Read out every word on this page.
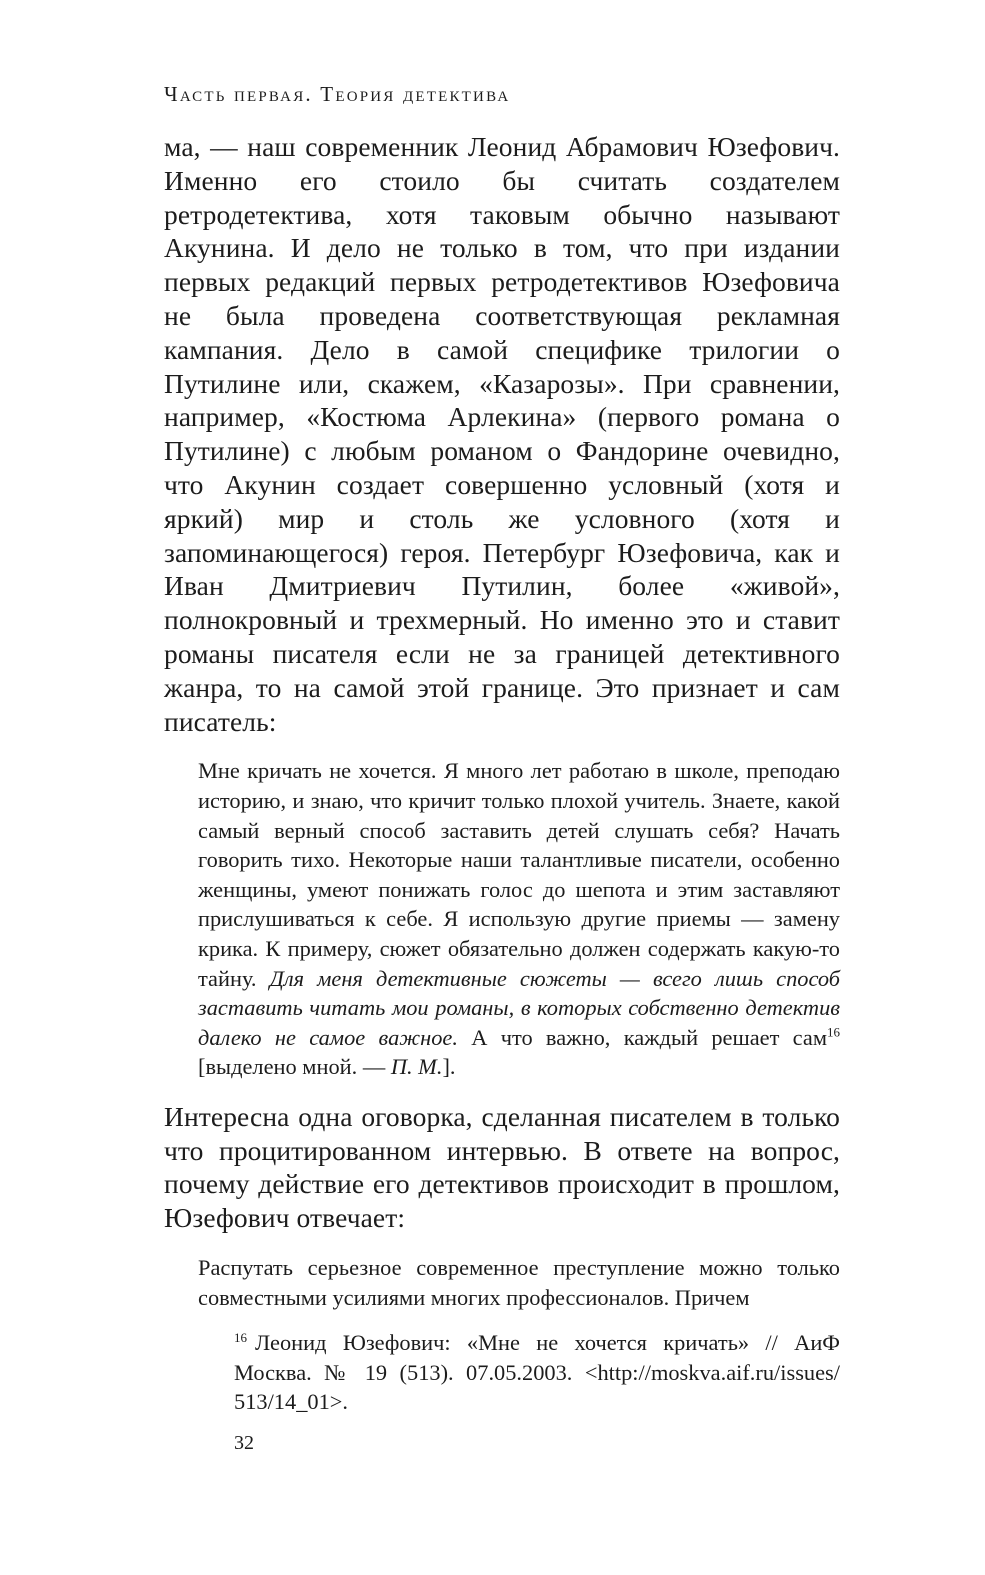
Часть первая. Теория детектива

ма, — наш современник Леонид Абрамович Юзефович. Именно его стоило бы считать создателем ретродетектива, хотя таковым обычно называют Акунина. И дело не только в том, что при издании первых редакций первых ретродетективов Юзефовича не была проведена соответствующая рекламная кампания. Дело в самой специфике трилогии о Путилине или, скажем, «Казарозы». При сравнении, например, «Костюма Арлекина» (первого романа о Путилине) с любым романом о Фандорине очевидно, что Акунин создает совершенно условный (хотя и яркий) мир и столь же условного (хотя и запоминающегося) героя. Петербург Юзефовича, как и Иван Дмитриевич Путилин, более «живой», полнокровный и трехмерный. Но именно это и ставит романы писателя если не за границей детективного жанра, то на самой этой границе. Это признает и сам писатель:

Мне кричать не хочется. Я много лет работаю в школе, преподаю историю, и знаю, что кричит только плохой учитель. Знаете, какой самый верный способ заставить детей слушать себя? Начать говорить тихо. Некоторые наши талантливые писатели, особенно женщины, умеют понижать голос до шепота и этим заставляют прислушиваться к себе. Я использую другие приемы — замену крика. К примеру, сюжет обязательно должен содержать какую-то тайну. Для меня детективные сюжеты — всего лишь способ заставить читать мои романы, в которых собственно детектив далеко не самое важное. А что важно, каждый решает сам$^{16}$ [выделено мной. — П. М.].

Интересна одна оговорка, сделанная писателем в только что процитированном интервью. В ответе на вопрос, почему действие его детективов происходит в прошлом, Юзефович отвечает:

Распутать серьезное современное преступление можно только совместными усилиями многих профессионалов. Причем
$^{16}$ Леонид Юзефович: «Мне не хочется кричать» // АиФ Москва. № 19 (513). 07.05.2003. <http://moskva.aif.ru/issues/ 513/14_01>.
32
